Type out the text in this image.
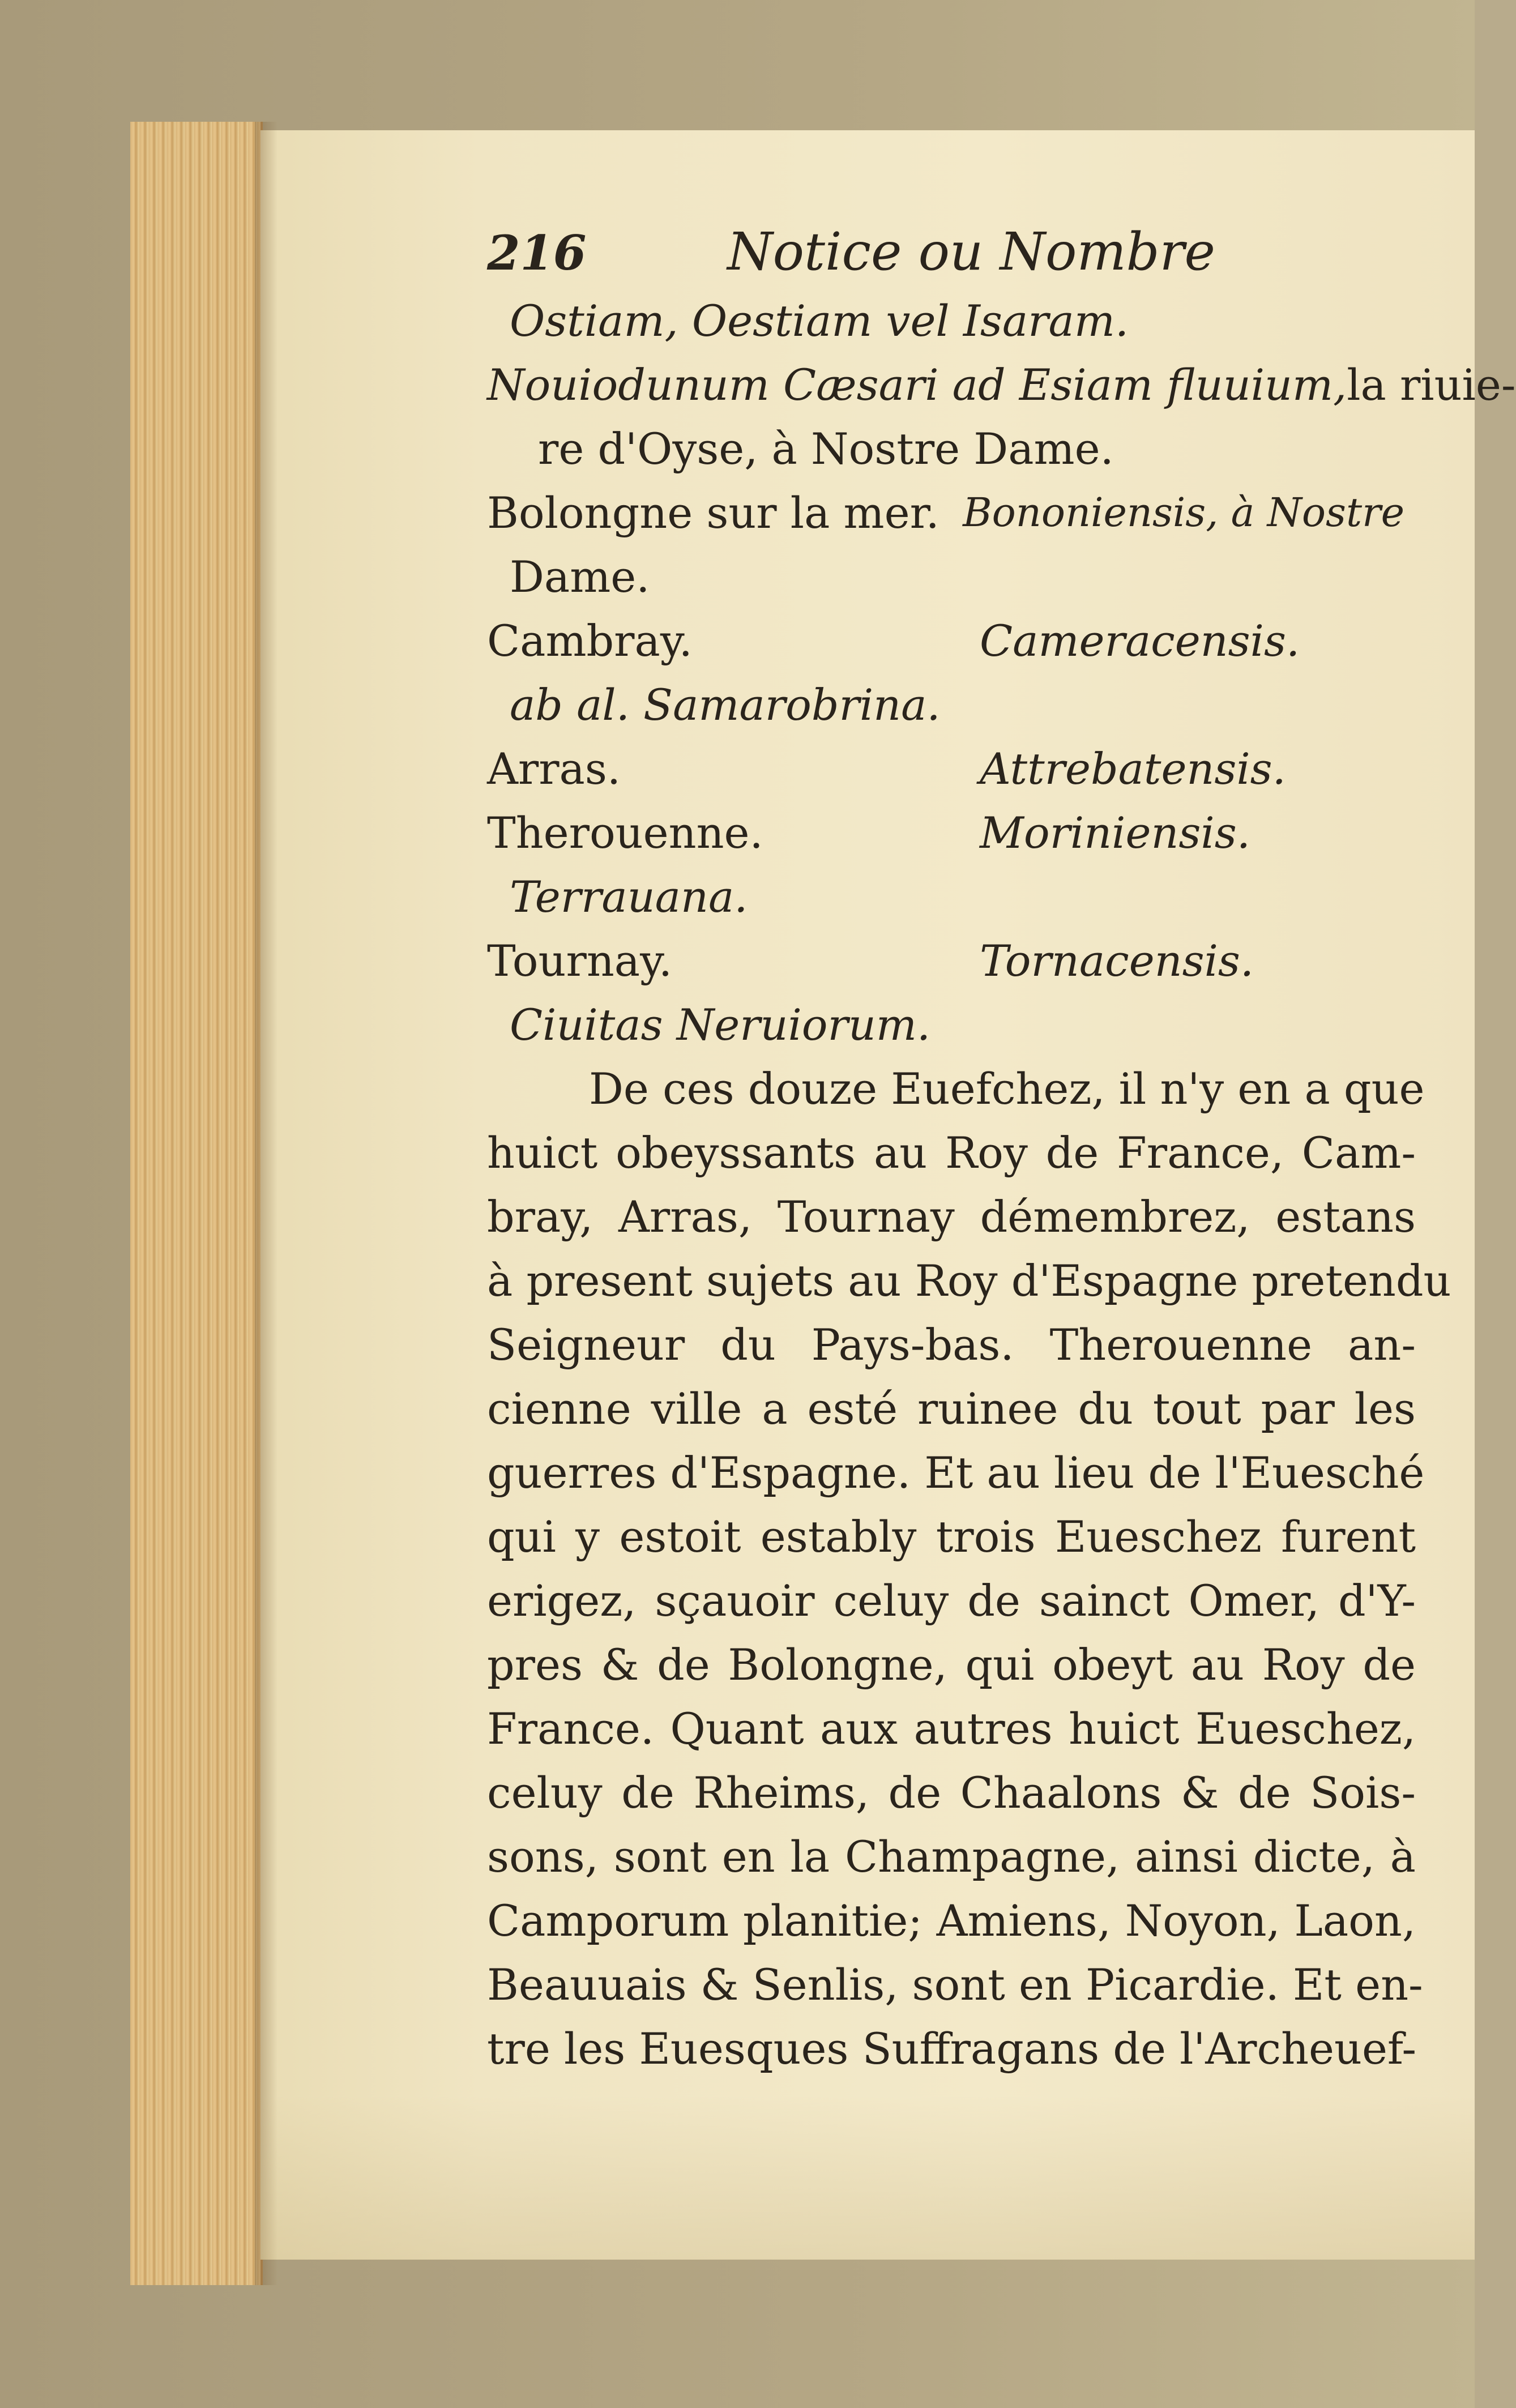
216	Notice ou Nombre
Ostiam, Oestiam vel Isaram.
Nouiodunum Cæsari ad Esiam fluuium,la riuie-
re d'Oyse, à Nostre Dame.
Bolongne sur la mer. Bononiensis, à Nostre
Dame.
Cambray.	Cameracensis.
ab al. Samarobrina.
Arras.	Attrebatensis.
Therouenne.	Moriniensis.
Terrauana.
Tournay.	Tornacensis.
Ciuitas Neruiorum.
De ces douze Euefchez, il n'y en a que
huict obeyssants au Roy de France, Cam-
bray, Arras, Tournay démembrez, estans
à present sujets au Roy d'Espagne pretendu
Seigneur du Pays-bas. Therouenne an-
cienne ville a esté ruinee du tout par les
guerres d'Espagne. Et au lieu de l'Euesché
qui y estoit estably trois Eueschez furent
erigez, sçauoir celuy de sainct Omer, d'Y-
pres & de Bolongne, qui obeyt au Roy de
France. Quant aux autres huict Eueschez,
celuy de Rheims, de Chaalons & de Sois-
sons, sont en la Champagne, ainsi dicte, à
Camporum planitie; Amiens, Noyon, Laon,
Beauuais & Senlis, sont en Picardie. Et en-
tre les Euesques Suffragans de l'Archeuef-
